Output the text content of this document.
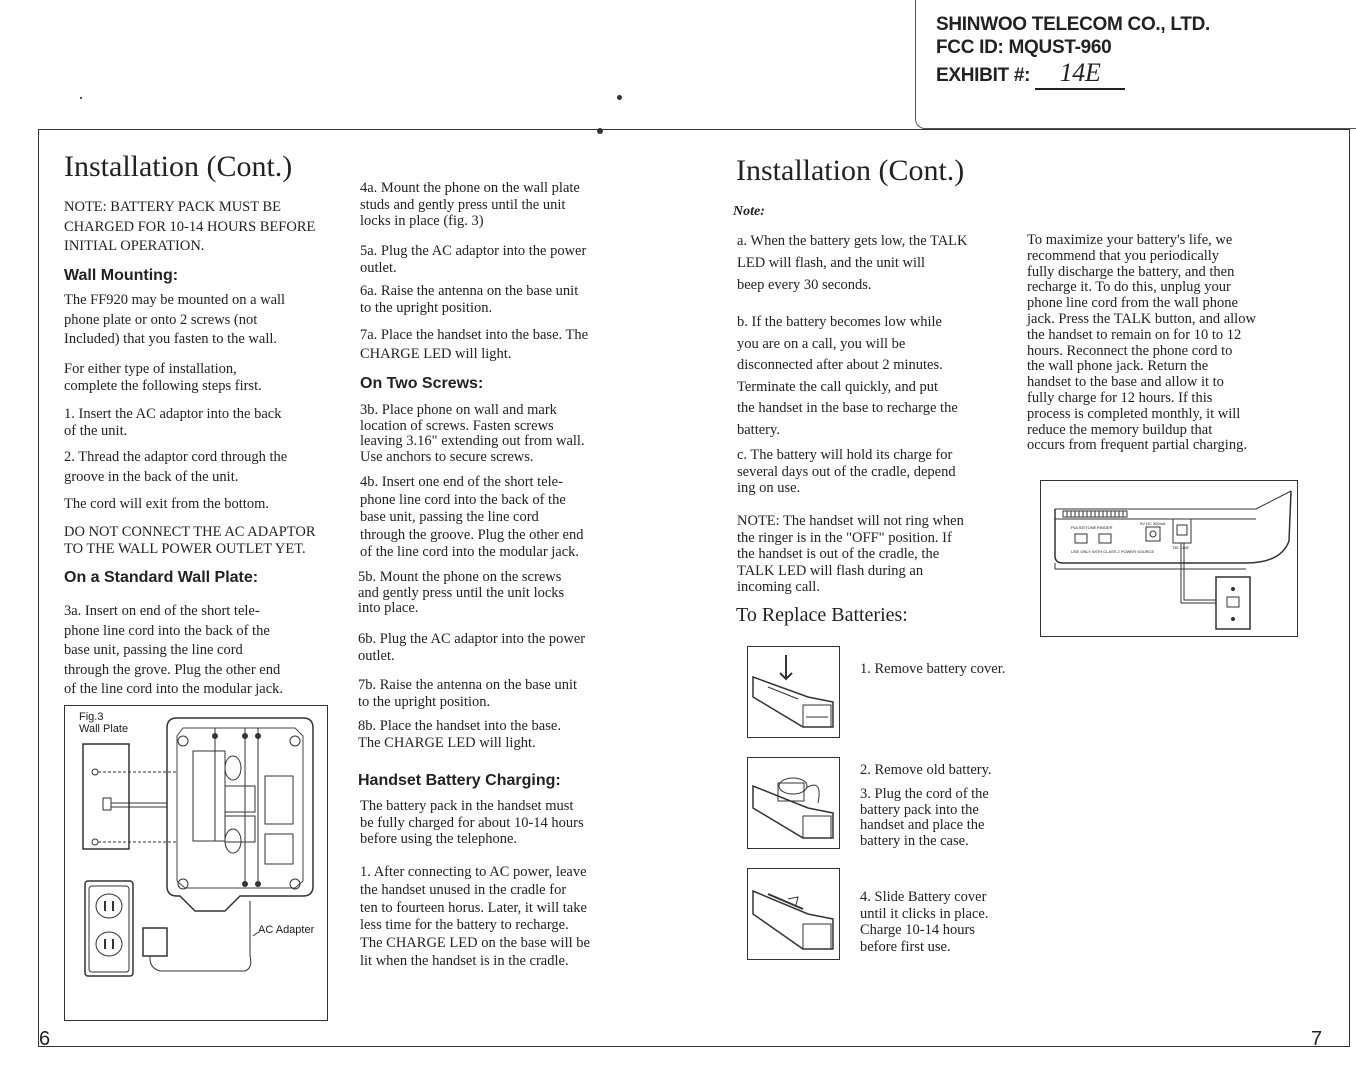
SHINWOO TELECOM CO., LTD.
FCC ID: MQUST-960
EXHIBIT #: 14E
Installation (Cont.)
NOTE: BATTERY PACK MUST BE
CHARGED FOR 10-14 HOURS BEFORE
INITIAL OPERATION.
Wall Mounting:
The FF920 may be mounted on a wall
phone plate or onto 2 screws (not
Included) that you fasten to the wall.
For either type of installation,
complete the following steps first.
1. Insert the AC adaptor into the back
of the unit.
2. Thread the adaptor cord through the
groove in the back of the unit.
The cord will exit from the bottom.
DO NOT CONNECT THE AC ADAPTOR
TO THE WALL POWER OUTLET YET.
On a Standard Wall Plate:
3a. Insert on end of the short tele-
phone line cord into the back of the
base unit, passing the line cord
through the grove. Plug the other end
of the line cord into the modular jack.
Fig.3
Wall Plate
AC Adapter
4a. Mount the phone on the wall plate
studs and gently press until the unit
locks in place (fig. 3)
5a. Plug the AC adaptor into the power
outlet.
6a. Raise the antenna on the base unit
to the upright position.
7a. Place the handset into the base. The
CHARGE LED will light.
On Two Screws:
3b. Place phone on wall and mark
location of screws. Fasten screws
leaving 3.16" extending out from wall.
Use anchors to secure screws.
4b. Insert one end of the short tele-
phone line cord into the back of the
base unit, passing the line cord
through the groove. Plug the other end
of the line cord into the modular jack.
5b. Mount the phone on the screws
and gently press until the unit locks
into place.
6b. Plug the AC adaptor into the power
outlet.
7b. Raise the antenna on the base unit
to the upright position.
8b. Place the handset into the base.
The CHARGE LED will light.
Handset Battery Charging:
The battery pack in the handset must
be fully charged for about 10-14 hours
before using the telephone.
1. After connecting to AC power, leave
the handset unused in the cradle for
ten to fourteen horus. Later, it will take
less time for the battery to recharge.
The CHARGE LED on the base will be
lit when the handset is in the cradle.
6
Installation (Cont.)
Note:
a. When the battery gets low, the TALK
LED will flash, and the unit will
beep every 30 seconds.
b. If the battery becomes low while
you are on a call, you will be
disconnected after about 2 minutes.
Terminate the call quickly, and put
the handset in the base to recharge the
battery.
c. The battery will hold its charge for
several days out of the cradle, depend
ing on use.
NOTE: The handset will not ring when
the ringer is in the "OFF" position. If
the handset is out of the cradle, the
TALK LED will flash during an
incoming call.
To Replace Batteries:
1. Remove battery cover.
2. Remove old battery.
3. Plug the cord of the
battery pack into the
handset and place the
battery in the case.
4. Slide Battery cover
until it clicks in place.
Charge 10-14 hours
before first use.
To maximize your battery's life, we
recommend that you periodically
fully discharge the battery, and then
recharge it. To do this, unplug your
phone line cord from the wall phone
jack. Press the TALK button, and allow
the handset to remain on for 10 to 12
hours. Reconnect the phone cord to
the wall phone jack. Return the
handset to the base and allow it to
fully charge for 12 hours. If this
process is completed monthly, it will
reduce the memory buildup that
occurs from frequent partial charging.
PULSE/TONE RINGER
9V DC 300mA
TEL LINE
USE ONLY WITH CLASS 2 POWER SOURCE
7
